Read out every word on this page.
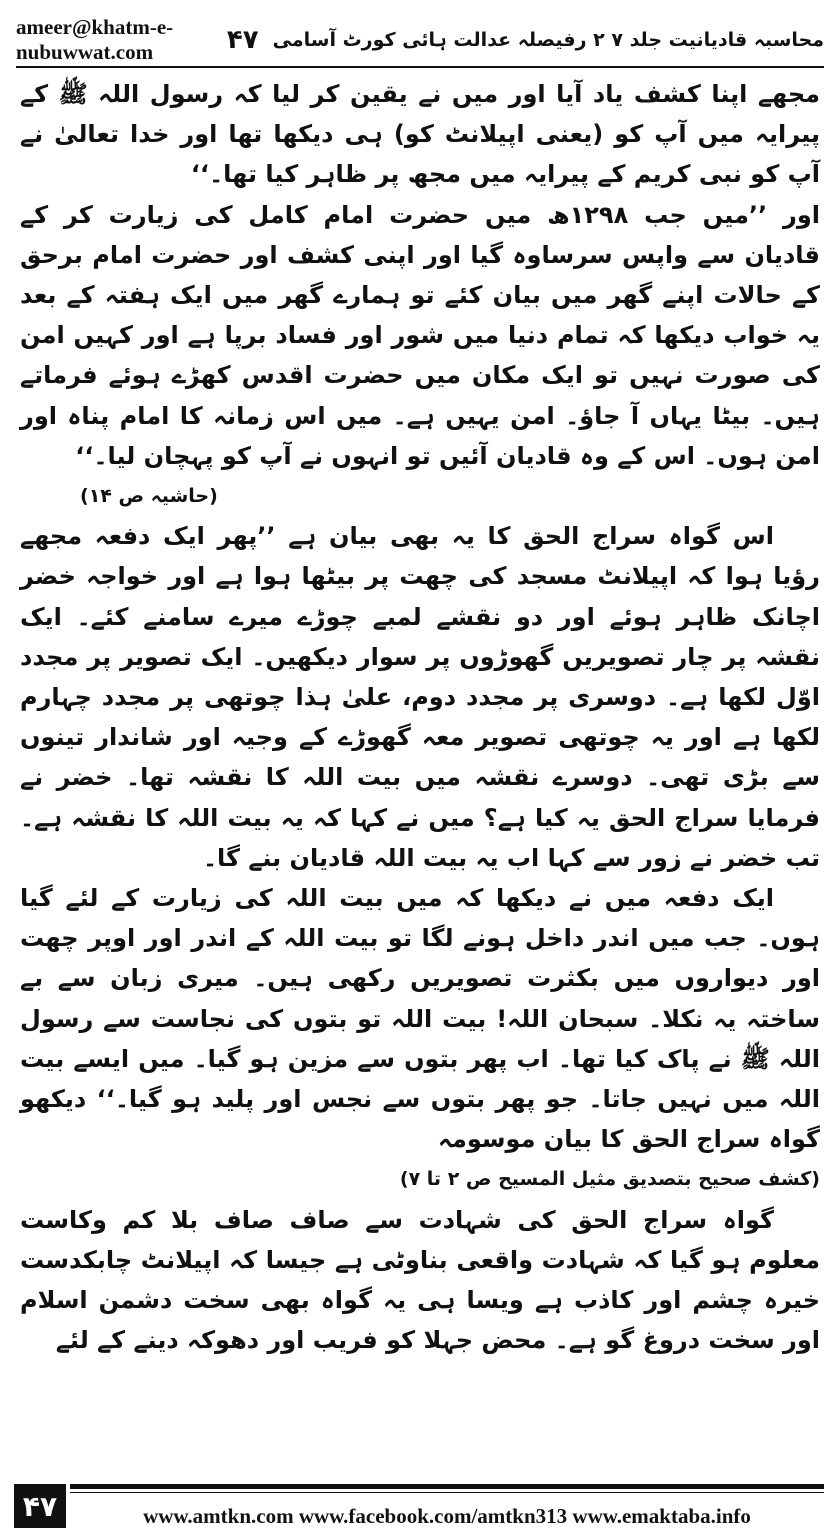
ameer@khatm-e-nubuwwat.com	محاسبہ قادیانیت جلد ۷ ۲ رفیصلہ عدالت ہائی کورٹ آسامی
۴۷

مجھے اپنا کشف یاد آیا اور میں نے یقین کر لیا کہ رسول اللہ ﷺ کے پیرایہ میں آپ کو (یعنی اپیلانٹ کو) ہی دیکھا تھا اور خدا تعالیٰ نے آپ کو نبی کریم کے پیرایہ میں مجھ پر ظاہر کیا تھا۔‘‘

اور ’’میں جب ۱۲۹۸ھ میں حضرت امام کامل کی زیارت کر کے قادیان سے واپس سرساوہ گیا اور اپنی کشف اور حضرت امام برحق کے حالات اپنے گھر میں بیان کئے تو ہمارے گھر میں ایک ہفتہ کے بعد یہ خواب دیکھا کہ تمام دنیا میں شور اور فساد برپا ہے اور کہیں امن کی صورت نہیں تو ایک مکان میں حضرت اقدس کھڑے ہوئے فرماتے ہیں۔ بیٹا یہاں آ جاؤ۔ امن یہیں ہے۔ میں اس زمانہ کا امام پناہ اور امن ہوں۔ اس کے وہ قادیان آئیں تو انہوں نے آپ کو پہچان لیا۔‘‘

(حاشیہ ص ۱۴)

اس گواہ سراج الحق کا یہ بھی بیان ہے ’’پھر ایک دفعہ مجھے رؤیا ہوا کہ اپیلانٹ مسجد کی چھت پر بیٹھا ہوا ہے اور خواجہ خضر اچانک ظاہر ہوئے اور دو نقشے لمبے چوڑے میرے سامنے کئے۔ ایک نقشہ پر چار تصویریں گھوڑوں پر سوار دیکھیں۔ ایک تصویر پر مجدد اوّل لکھا ہے۔ دوسری پر مجدد دوم، علیٰ ہذا چوتھی پر مجدد چہارم لکھا ہے اور یہ چوتھی تصویر معہ گھوڑے کے وجیہ اور شاندار تینوں سے بڑی تھی۔ دوسرے نقشہ میں بیت اللہ کا نقشہ تھا۔ خضر نے فرمایا سراج الحق یہ کیا ہے؟ میں نے کہا کہ یہ بیت اللہ کا نقشہ ہے۔ تب خضر نے زور سے کہا اب یہ بیت اللہ قادیان بنے گا۔

ایک دفعہ میں نے دیکھا کہ میں بیت اللہ کی زیارت کے لئے گیا ہوں۔ جب میں اندر داخل ہونے لگا تو بیت اللہ کے اندر اور اوپر چھت اور دیواروں میں بکثرت تصویریں رکھی ہیں۔ میری زبان سے بے ساختہ یہ نکلا۔ سبحان اللہ! بیت اللہ تو بتوں کی نجاست سے رسول اللہ ﷺ نے پاک کیا تھا۔ اب پھر بتوں سے مزین ہو گیا۔ میں ایسے بیت اللہ میں نہیں جاتا۔ جو پھر بتوں سے نجس اور پلید ہو گیا۔‘‘ دیکھو گواہ سراج الحق کا بیان موسومہ

(کشف صحیح بتصدیق مثیل المسیح ص ۲ تا ۷)

گواہ سراج الحق کی شہادت سے صاف صاف بلا کم وکاست معلوم ہو گیا کہ شہادت واقعی بناوٹی ہے جیسا کہ اپیلانٹ چابکدست خیرہ چشم اور کاذب ہے ویسا ہی یہ گواہ بھی سخت دشمن اسلام اور سخت دروغ گو ہے۔ محض جہلا کو فریب اور دھوکہ دینے کے لئے

۴۷	www.amtkn.com www.facebook.com/amtkn313 www.emaktaba.info
